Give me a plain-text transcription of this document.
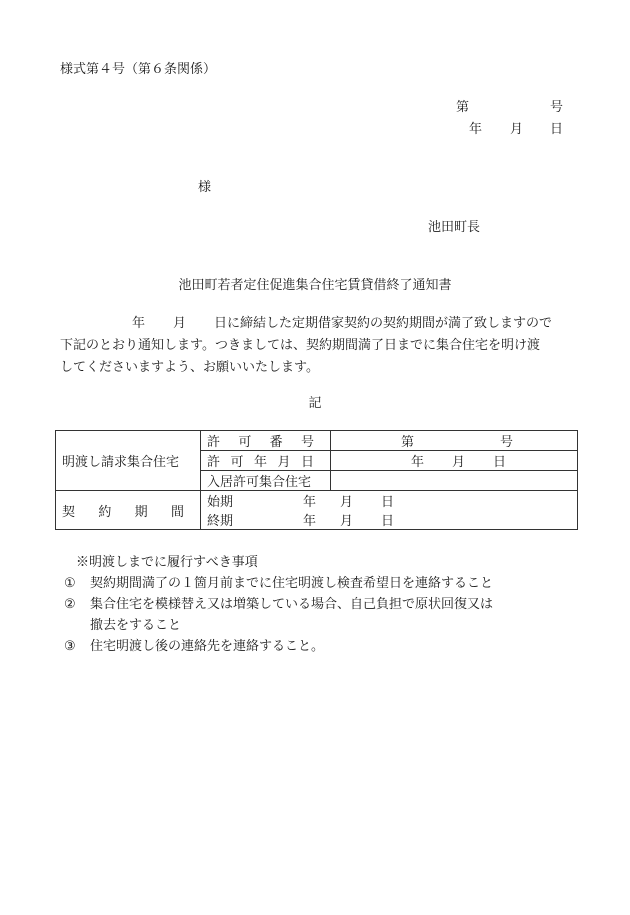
様式第４号（第６条関係）
第	号
年 月 日
様
池田町長
池田町若者定住促進集合住宅賃貸借終了通知書
年 月 日に締結した定期借家契約の契約期間が満了致しますので
下記のとおり通知します。つきましては、契約期間満了日までに集合住宅を明け渡
してくださいますよう、お願いいたします。
記
明渡し請求集合住宅	許 可 番 号	第 号

	許 可 年 月 日	年 月 日

	入居許可集合住宅	

契 約 期 間	始期 年 月 日	

	終期 年 月 日	
※明渡しまでに履行すべき事項
①	契約期間満了の１箇月前までに住宅明渡し検査希望日を連絡すること
②	集合住宅を模様替え又は増築している場合、自己負担で原状回復又は
撤去をすること
③	住宅明渡し後の連絡先を連絡すること。
